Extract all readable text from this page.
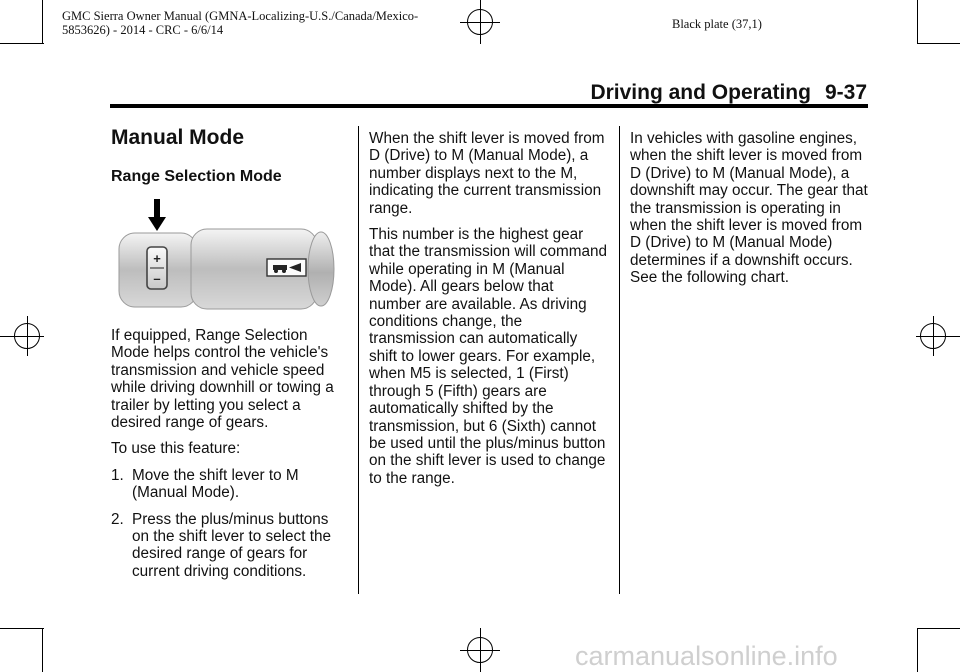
GMC Sierra Owner Manual (GMNA-Localizing-U.S./Canada/Mexico-
5853626) - 2014 - CRC - 6/6/14	Black plate (37,1)
Driving and Operating 9-37
Manual Mode
Range Selection Mode
+
–

If equipped, Range Selection Mode helps control the vehicle's transmission and vehicle speed while driving downhill or towing a trailer by letting you select a desired range of gears.

To use this feature:

1. Move the shift lever to M (Manual Mode).
2. Press the plus/minus buttons on the shift lever to select the desired range of gears for current driving conditions.

When the shift lever is moved from D (Drive) to M (Manual Mode), a number displays next to the M, indicating the current transmission range.

This number is the highest gear that the transmission will command while operating in M (Manual Mode). All gears below that number are available. As driving conditions change, the transmission can automatically shift to lower gears. For example, when M5 is selected, 1 (First) through 5 (Fifth) gears are automatically shifted by the transmission, but 6 (Sixth) cannot be used until the plus/minus button on the shift lever is used to change to the range.

In vehicles with gasoline engines, when the shift lever is moved from D (Drive) to M (Manual Mode), a downshift may occur. The gear that the transmission is operating in when the shift lever is moved from D (Drive) to M (Manual Mode) determines if a downshift occurs. See the following chart.

carmanualsonline.info
